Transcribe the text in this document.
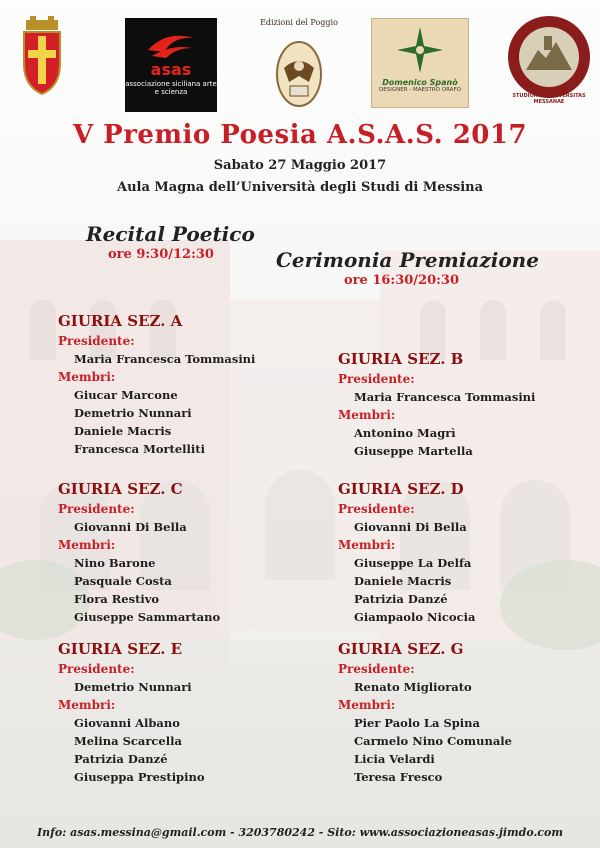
asas
associazione siciliana arte e scienza
Edizioni del Poggio
Domenico Spanò
DESIGNER - MAESTRO ORAFO
STUDIORUM UNIVERSITAS MESSANAE
V Premio Poesia A.S.A.S. 2017
Sabato 27 Maggio 2017
Aula Magna dell’Università degli Studi di Messina
Recital Poetico
ore 9:30/12:30	Cerimonia Premiazione
ore 16:30/20:30
GIURIA SEZ. A
Presidente:
Maria Francesca Tommasini
Membri:
Giucar Marcone
Demetrio Nunnari
Daniele Macris
Francesca Mortelliti
GIURIA SEZ. B
Presidente:
Maria Francesca Tommasini
Membri:
Antonino Magrì
Giuseppe Martella
GIURIA SEZ. C
Presidente:
Giovanni Di Bella
Membri:
Nino Barone
Pasquale Costa
Flora Restivo
Giuseppe Sammartano
GIURIA SEZ. D
Presidente:
Giovanni Di Bella
Membri:
Giuseppe La Delfa
Daniele Macris
Patrizia Danzé
Giampaolo Nicocia
GIURIA SEZ. E
Presidente:
Demetrio Nunnari
Membri:
Giovanni Albano
Melina Scarcella
Patrizia Danzé
Giuseppa Prestipino
GIURIA SEZ. G
Presidente:
Renato Migliorato
Membri:
Pier Paolo La Spina
Carmelo Nino Comunale
Licia Velardi
Teresa Fresco
Info: asas.messina@gmail.com - 3203780242 - Sito: www.associazioneasas.jimdo.com
